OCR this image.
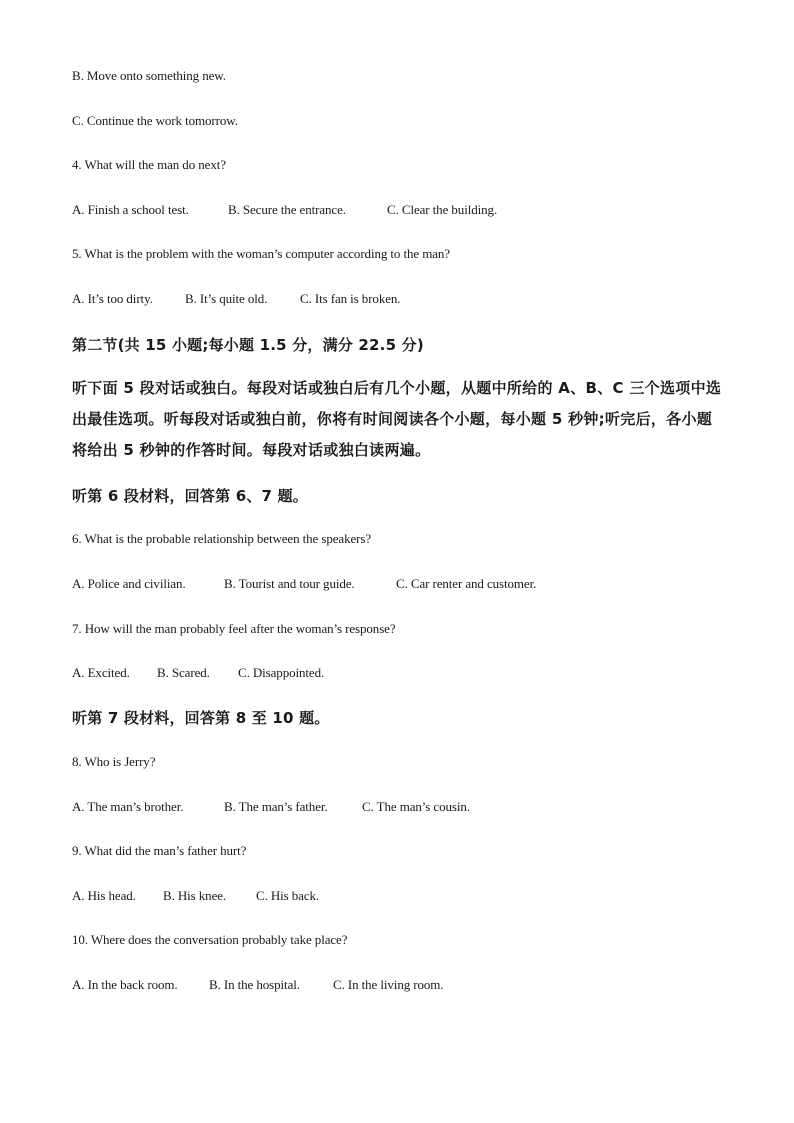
B. Move onto something new.
C. Continue the work tomorrow.
4. What will the man do next?
A. Finish a school test.	B. Secure the entrance.	C. Clear the building.
5. What is the problem with the woman’s computer according to the man?
A. It’s too dirty. B. It’s quite old.	C. Its fan is broken.
第二节(共 15 小题;每小题 1.5 分，满分 22.5 分)
听下面 5 段对话或独白。每段对话或独白后有几个小题，从题中所给的 A、B、C 三个选项中选出最佳选项。听每段对话或独白前，你将有时间阅读各个小题，每小题 5 秒钟;听完后，各小题将给出 5 秒钟的作答时间。每段对话或独白读两遍。
听第 6 段材料，回答第 6、7 题。
6. What is the probable relationship between the speakers?
A. Police and civilian.	B. Tourist and tour guide.	C. Car renter and customer.
7. How will the man probably feel after the woman’s response?
A. Excited. B. Scared. C. Disappointed.
听第 7 段材料，回答第 8 至 10 题。
8. Who is Jerry?
A. The man’s brother.	B. The man’s father.	C. The man’s cousin.
9. What did the man’s father hurt?
A. His head. B. His knee. C. His back.
10. Where does the conversation probably take place?
A. In the back room. B. In the hospital.	C. In the living room.
